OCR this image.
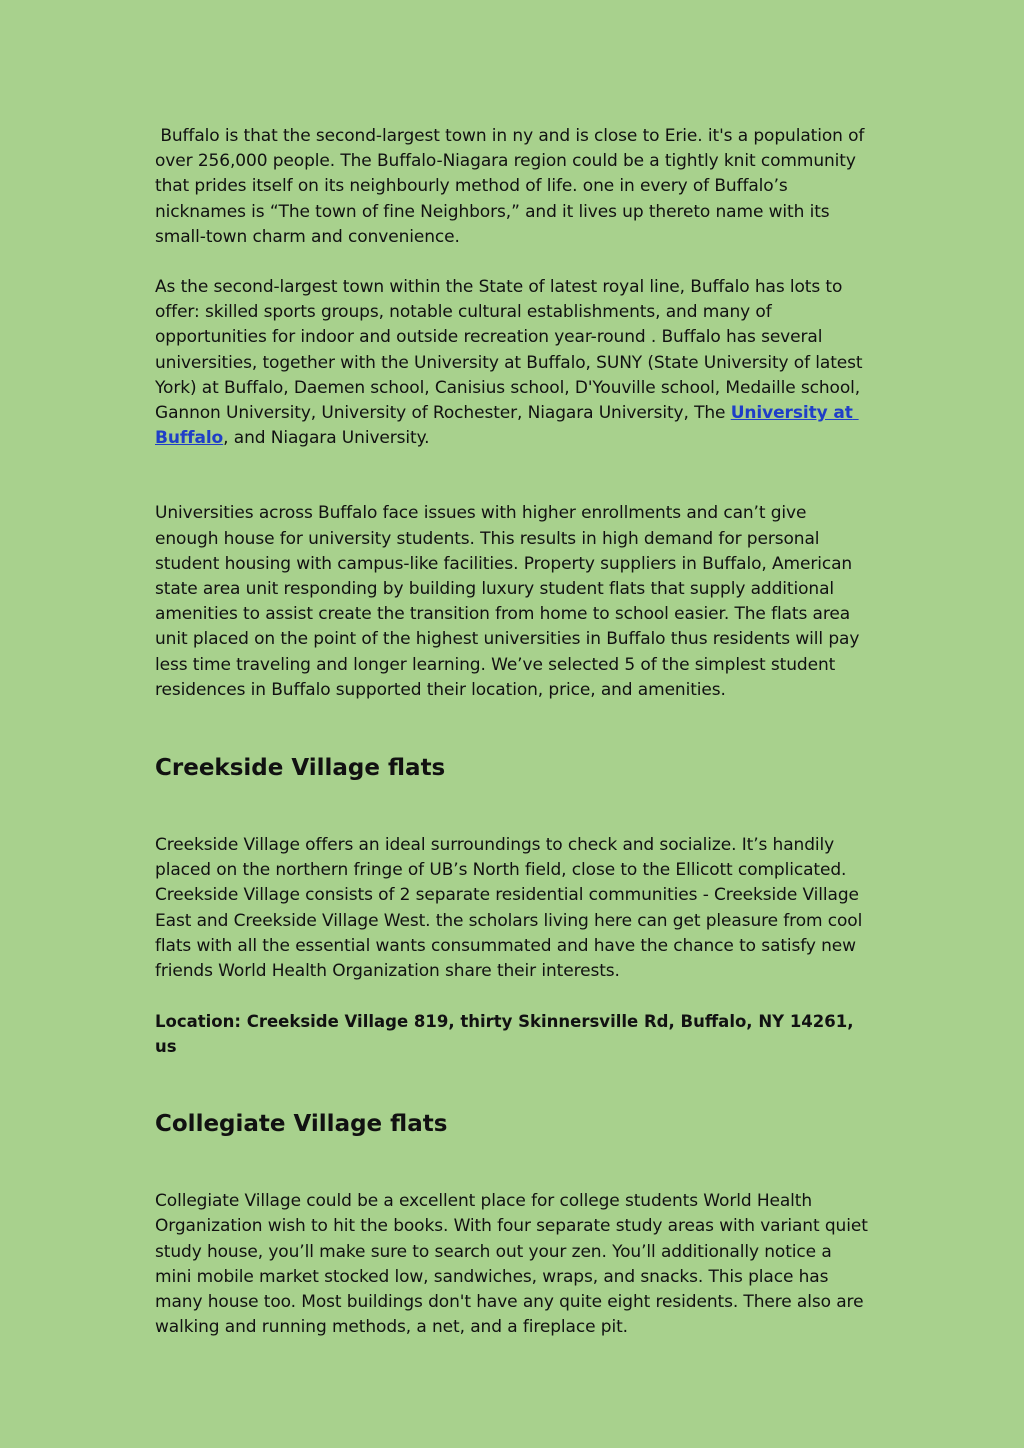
Buffalo is that the second-largest town in ny and is close to Erie. it's a population of over 256,000 people. The Buffalo-Niagara region could be a tightly knit community that prides itself on its neighbourly method of life. one in every of Buffalo’s nicknames is “The town of fine Neighbors,” and it lives up thereto name with its small-town charm and convenience.

As the second-largest town within the State of latest royal line, Buffalo has lots to offer: skilled sports groups, notable cultural establishments, and many of opportunities for indoor and outside recreation year-round . Buffalo has several universities, together with the University at Buffalo, SUNY (State University of latest York) at Buffalo, Daemen school, Canisius school, D'Youville school, Medaille school, Gannon University, University of Rochester, Niagara University, The University at Buffalo, and Niagara University.

Universities across Buffalo face issues with higher enrollments and can’t give enough house for university students. This results in high demand for personal student housing with campus-like facilities. Property suppliers in Buffalo, American state area unit responding by building luxury student flats that supply additional amenities to assist create the transition from home to school easier. The flats area unit placed on the point of the highest universities in Buffalo thus residents will pay less time traveling and longer learning. We’ve selected 5 of the simplest student residences in Buffalo supported their location, price, and amenities.

Creekside Village flats

Creekside Village offers an ideal surroundings to check and socialize. It’s handily placed on the northern fringe of UB’s North field, close to the Ellicott complicated. Creekside Village consists of 2 separate residential communities - Creekside Village East and Creekside Village West. the scholars living here can get pleasure from cool flats with all the essential wants consummated and have the chance to satisfy new friends World Health Organization share their interests.

Location: Creekside Village 819, thirty Skinnersville Rd, Buffalo, NY 14261, us

Collegiate Village flats

Collegiate Village could be a excellent place for college students World Health Organization wish to hit the books. With four separate study areas with variant quiet study house, you’ll make sure to search out your zen. You’ll additionally notice a mini mobile market stocked low, sandwiches, wraps, and snacks. This place has many house too. Most buildings don't have any quite eight residents. There also are walking and running methods, a net, and a fireplace pit.
